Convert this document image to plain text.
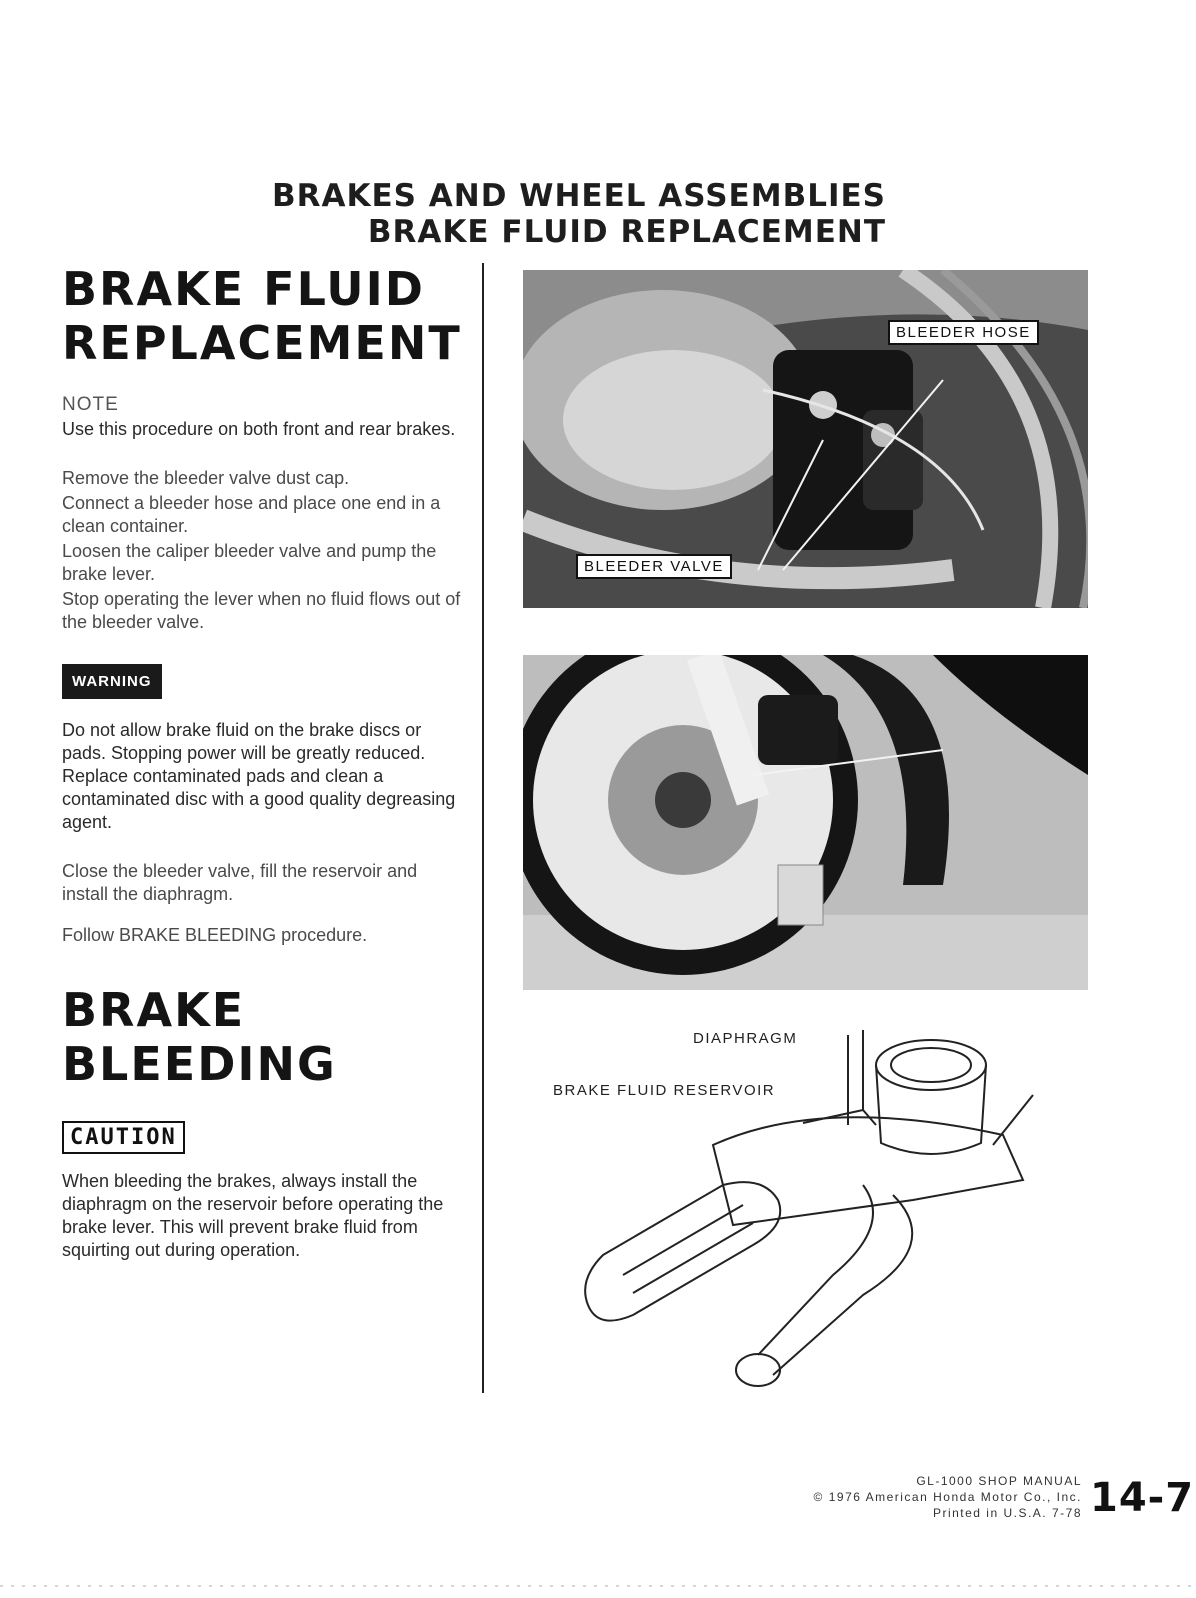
BRAKES AND WHEEL ASSEMBLIES
BRAKE FLUID REPLACEMENT
BRAKE FLUID
REPLACEMENT
NOTE

Use this procedure on both front and rear brakes.

Remove the bleeder valve dust cap.

Connect a bleeder hose and place one end in a clean container.

Loosen the caliper bleeder valve and pump the brake lever.

Stop operating the lever when no fluid flows out of the bleeder valve.

WARNING

Do not allow brake fluid on the brake discs or pads. Stopping power will be greatly reduced. Replace contaminated pads and clean a contaminated disc with a good quality degreasing agent.

Close the bleeder valve, fill the reservoir and install the diaphragm.

Follow BRAKE BLEEDING procedure.

BRAKE
BLEEDING
CAUTION

When bleeding the brakes, always install the diaphragm on the reservoir before operating the brake lever. This will prevent brake fluid from squirting out during operation.

BLEEDER HOSE
BLEEDER VALVE
DIAPHRAGM
BRAKE FLUID RESERVOIR
GL-1000 SHOP MANUAL
© 1976 American Honda Motor Co., Inc.
Printed in U.S.A. 7-78 14-7
